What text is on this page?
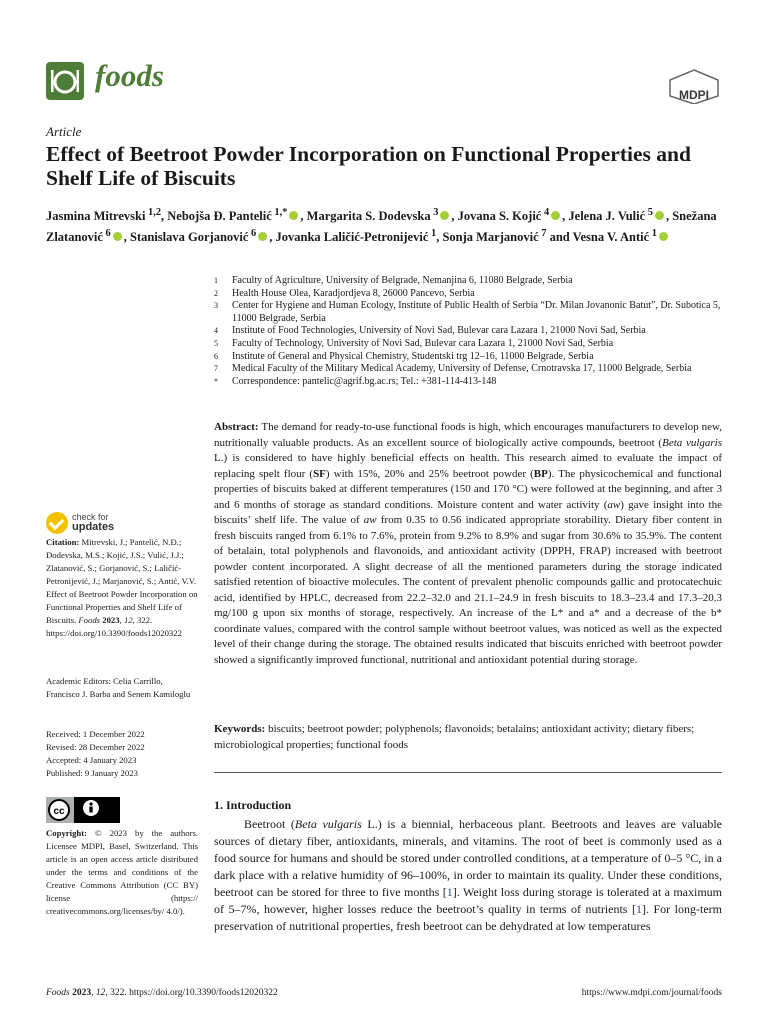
foods
MDPI
Article
Effect of Beetroot Powder Incorporation on Functional Properties and Shelf Life of Biscuits
Jasmina Mitrevski $^{1,2}$, Nebojša Đ. Pantelić $^{1,*}$ , Margarita S. Dodevska $^3$ , Jovana S. Kojić $^4$ , Jelena J. Vulić $^5$ , Snežana Zlatanović $^6$ , Stanislava Gorjanović $^6$ , Jovanka Laličić-Petronijević $^1$, Sonja Marjanović $^7$ and Vesna V. Antić $^1$
1	Faculty of Agriculture, University of Belgrade, Nemanjina 6, 11080 Belgrade, Serbia
2	Health House Olea, Karadjordjeva 8, 26000 Pancevo, Serbia
3	Center for Hygiene and Human Ecology, Institute of Public Health of Serbia “Dr. Milan Jovanonic Batut”, Dr. Subotica 5, 11000 Belgrade, Serbia
4	Institute of Food Technologies, University of Novi Sad, Bulevar cara Lazara 1, 21000 Novi Sad, Serbia
5	Faculty of Technology, University of Novi Sad, Bulevar cara Lazara 1, 21000 Novi Sad, Serbia
6	Institute of General and Physical Chemistry, Studentski trg 12–16, 11000 Belgrade, Serbia
7	Medical Faculty of the Military Medical Academy, University of Defense, Crnotravska 17, 11000 Belgrade, Serbia
*	Correspondence: pantelic@agrif.bg.ac.rs; Tel.: +381-114-413-148
Abstract: The demand for ready-to-use functional foods is high, which encourages manufacturers to develop new, nutritionally valuable products. As an excellent source of biologically active compounds, beetroot (Beta vulgaris L.) is considered to have highly beneficial effects on health. This research aimed to evaluate the impact of replacing spelt flour (SF) with 15%, 20% and 25% beetroot powder (BP). The physicochemical and functional properties of biscuits baked at different temperatures (150 and 170 °C) were followed at the beginning, and after 3 and 6 months of storage as standard conditions. Moisture content and water activity (aw) gave insight into the biscuits’ shelf life. The value of aw from 0.35 to 0.56 indicated appropriate storability. Dietary fiber content in fresh biscuits ranged from 6.1% to 7.6%, protein from 9.2% to 8.9% and sugar from 30.6% to 35.9%. The content of betalain, total polyphenols and flavonoids, and antioxidant activity (DPPH, FRAP) increased with beetroot powder content incorporated. A slight decrease of all the mentioned parameters during the storage indicated satisfied retention of bioactive molecules. The content of prevalent phenolic compounds gallic and protocatechuic acid, identified by HPLC, decreased from 22.2–32.0 and 21.1–24.9 in fresh biscuits to 18.3–23.4 and 17.3–20.3 mg/100 g upon six months of storage, respectively. An increase of the L* and a* and a decrease of the b* coordinate values, compared with the control sample without beetroot values, was noticed as well as the expected level of their change during the storage. The obtained results indicated that biscuits enriched with beetroot powder showed a significantly improved functional, nutritional and antioxidant potential during storage.
Keywords: biscuits; beetroot powder; polyphenols; flavonoids; betalains; antioxidant activity; dietary fibers; microbiological properties; functional foods
1. Introduction
Beetroot (Beta vulgaris L.) is a biennial, herbaceous plant. Beetroots and leaves are valuable sources of dietary fiber, antioxidants, minerals, and vitamins. The root of beet is commonly used as a food source for humans and should be stored under controlled conditions, at a temperature of 0–5 °C, in a dark place with a relative humidity of 96–100%, in order to maintain its quality. Under these conditions, beetroot can be stored for three to five months [1]. Weight loss during storage is tolerated at a maximum of 5–7%, however, higher losses reduce the beetroot’s quality in terms of nutrients [1]. For long-term preservation of nutritional properties, fresh beetroot can be dehydrated at low temperatures
check for
updates
Citation: Mitrevski, J.; Pantelić, N.Đ.; Dodevska, M.S.; Kojić, J.S.; Vulić, J.J.; Zlatanović, S.; Gorjanović, S.; Laličić-Petronijević, J.; Marjanović, S.; Antić, V.V. Effect of Beetroot Powder Incorporation on Functional Properties and Shelf Life of Biscuits. Foods 2023, 12, 322. https://doi.org/10.3390/foods12020322
Academic Editors: Celia Carrillo, Francisco J. Barba and Senem Kamiloglu
Received: 1 December 2022
Revised: 28 December 2022
Accepted: 4 January 2023
Published: 9 January 2023
cc
Copyright: © 2023 by the authors. Licensee MDPI, Basel, Switzerland. This article is an open access article distributed under the terms and conditions of the Creative Commons Attribution (CC BY) license (https:// creativecommons.org/licenses/by/ 4.0/).
Foods 2023, 12, 322. https://doi.org/10.3390/foods12020322	https://www.mdpi.com/journal/foods
